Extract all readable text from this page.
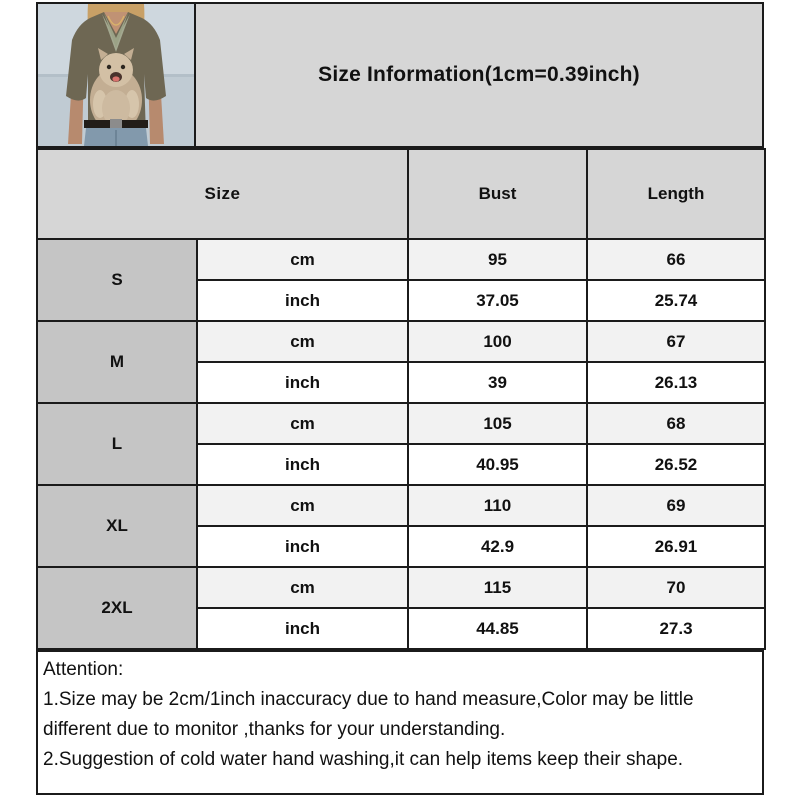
Size Information(1cm=0.39inch)
Size		Bust	Length
S	cm	95	66
	inch	37.05	25.74
M	cm	100	67
	inch	39	26.13
L	cm	105	68
	inch	40.95	26.52
XL	cm	110	69
	inch	42.9	26.91
2XL	cm	115	70
	inch	44.85	27.3
Attention:
1.Size may be 2cm/1inch inaccuracy due to hand measure,Color may be little different due to monitor ,thanks for your understanding.
2.Suggestion of cold water hand washing,it can help items keep their shape.
